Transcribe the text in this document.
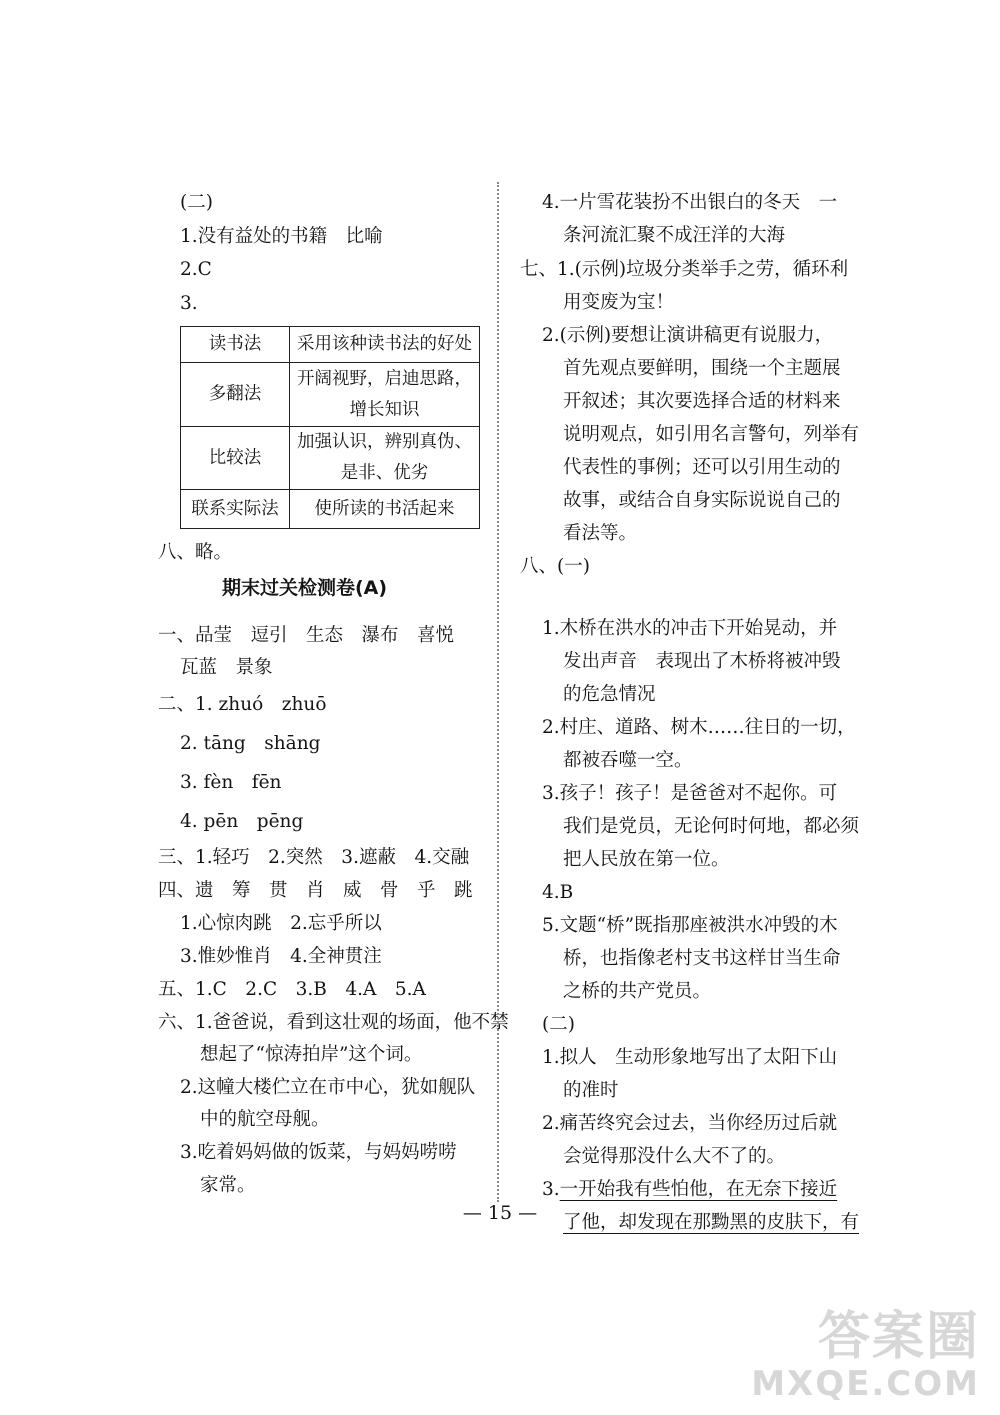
(二)
1.没有益处的书籍　比喻
2.C
3.
读书法	采用该种读书法的好处
多翻法	开阔视野，启迪思路，
增长知识

比较法	加强认识，辨别真伪、
是非、优劣

联系实际法	使所读的书活起来
八、略。
期末过关检测卷(A)
一、品莹　逗引　生态　瀑布　喜悦
瓦蓝　景象
二、1. zhuó　zhuō
2. tāng　shāng
3. fèn　fēn
4. pēn　pēng
三、1.轻巧　2.突然　3.遮蔽　4.交融
四、遗　筹　贯　肖　威　骨　乎　跳
1.心惊肉跳　2.忘乎所以
3.惟妙惟肖　4.全神贯注
五、1.C　2.C　3.B　4.A　5.A
六、1.爸爸说，看到这壮观的场面，他不禁
想起了“惊涛拍岸”这个词。
2.这幢大楼伫立在市中心，犹如舰队
中的航空母舰。
3.吃着妈妈做的饭菜，与妈妈唠唠
家常。
4.一片雪花装扮不出银白的冬天　一
条河流汇聚不成汪洋的大海
七、1.(示例)垃圾分类举手之劳，循环利
用变废为宝！
2.(示例)要想让演讲稿更有说服力，
首先观点要鲜明，围绕一个主题展
开叙述；其次要选择合适的材料来
说明观点，如引用名言警句，列举有
代表性的事例；还可以引用生动的
故事，或结合自身实际说说自己的
看法等。
八、(一)
1.木桥在洪水的冲击下开始晃动，并
发出声音　表现出了木桥将被冲毁
的危急情况
2.村庄、道路、树木……往日的一切，
都被吞噬一空。
3.孩子！孩子！是爸爸对不起你。可
我们是党员，无论何时何地，都必须
把人民放在第一位。
4.B
5.文题“桥”既指那座被洪水冲毁的木
桥，也指像老村支书这样甘当生命
之桥的共产党员。
(二)
1.拟人　生动形象地写出了太阳下山
的准时
2.痛苦终究会过去，当你经历过后就
会觉得那没什么大不了的。
3.一开始我有些怕他，在无奈下接近
了他，却发现在那黝黑的皮肤下，有
— 15 —
答案圈
MXQE.COM
